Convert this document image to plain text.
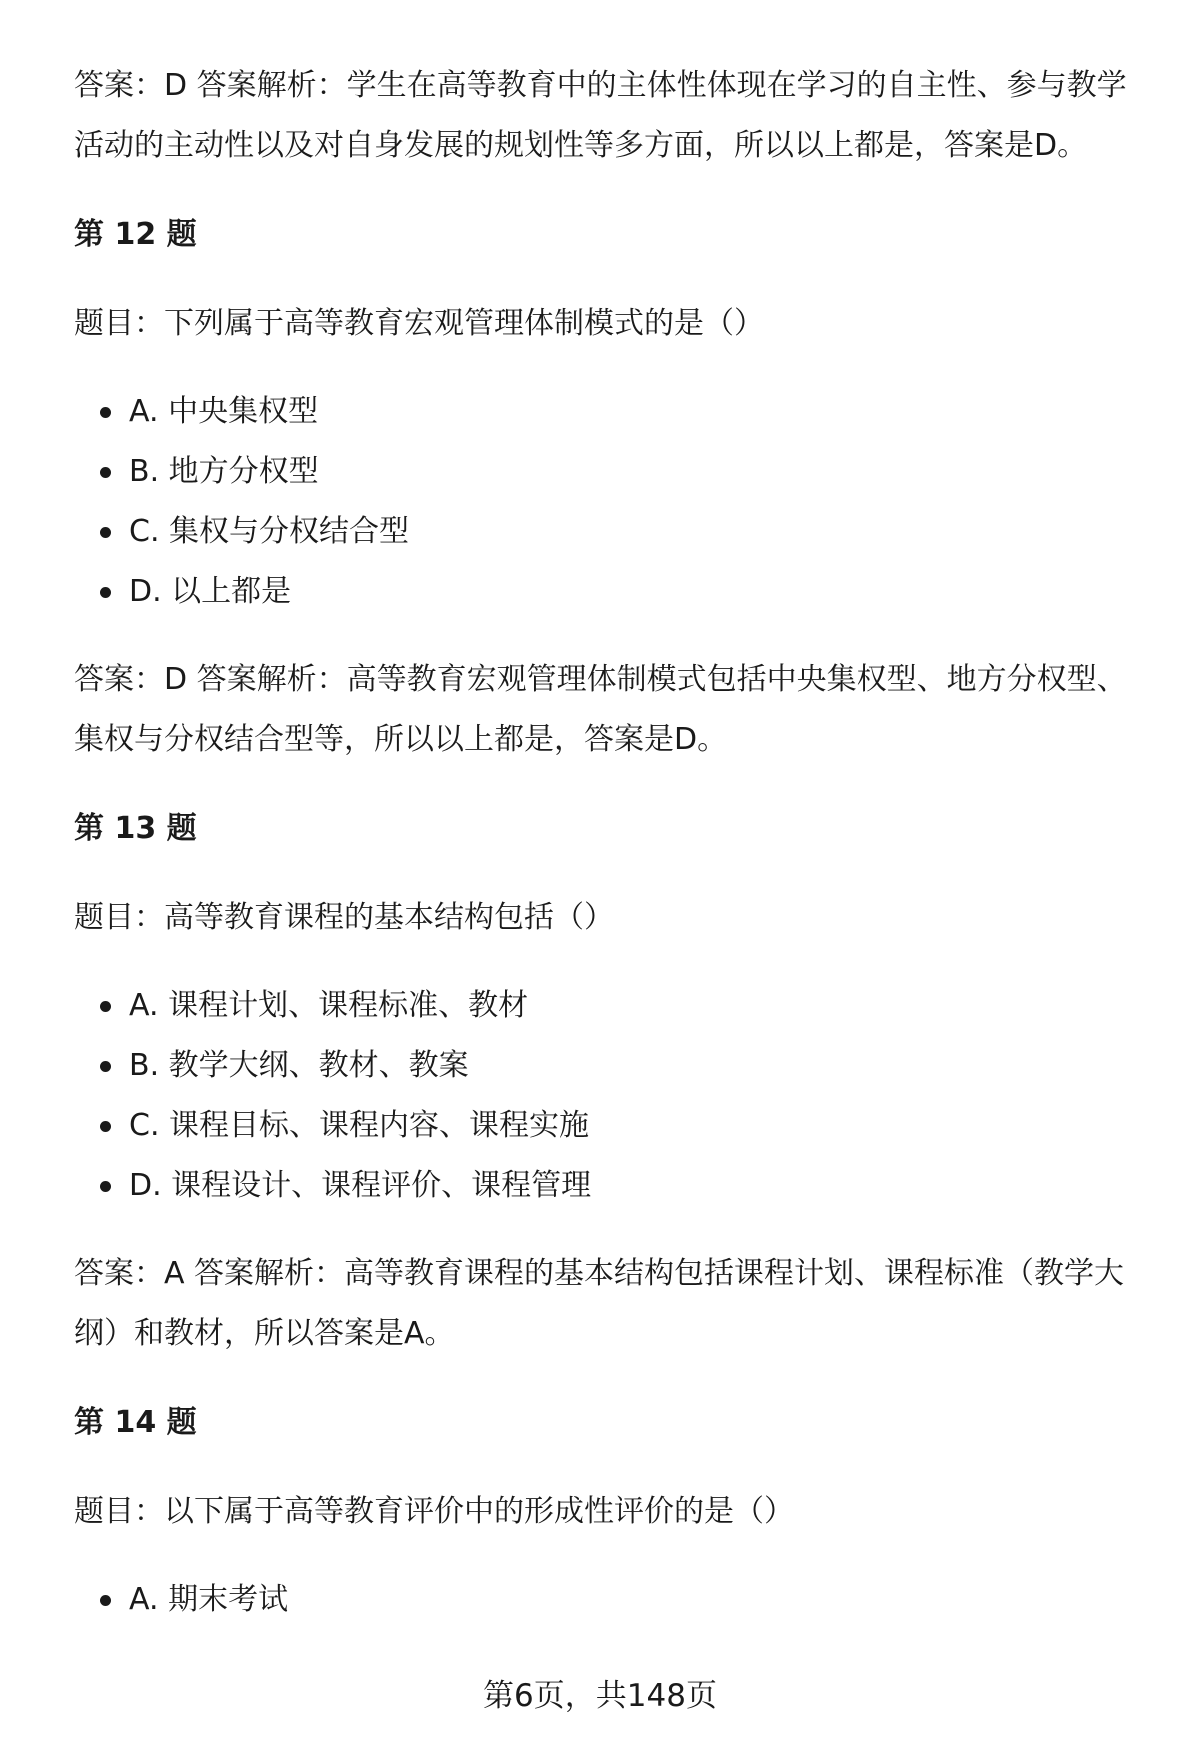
答案：D 答案解析：学生在高等教育中的主体性体现在学习的自主性、参与教学活动的主动性以及对自身发展的规划性等多方面，所以以上都是，答案是D。

第 12 题

题目：下列属于高等教育宏观管理体制模式的是（）

A. 中央集权型
B. 地方分权型
C. 集权与分权结合型
D. 以上都是

答案：D 答案解析：高等教育宏观管理体制模式包括中央集权型、地方分权型、集权与分权结合型等，所以以上都是，答案是D。

第 13 题

题目：高等教育课程的基本结构包括（）

A. 课程计划、课程标准、教材
B. 教学大纲、教材、教案
C. 课程目标、课程内容、课程实施
D. 课程设计、课程评价、课程管理

答案：A 答案解析：高等教育课程的基本结构包括课程计划、课程标准（教学大纲）和教材，所以答案是A。

第 14 题

题目：以下属于高等教育评价中的形成性评价的是（）

A. 期末考试
第6页，共148页
